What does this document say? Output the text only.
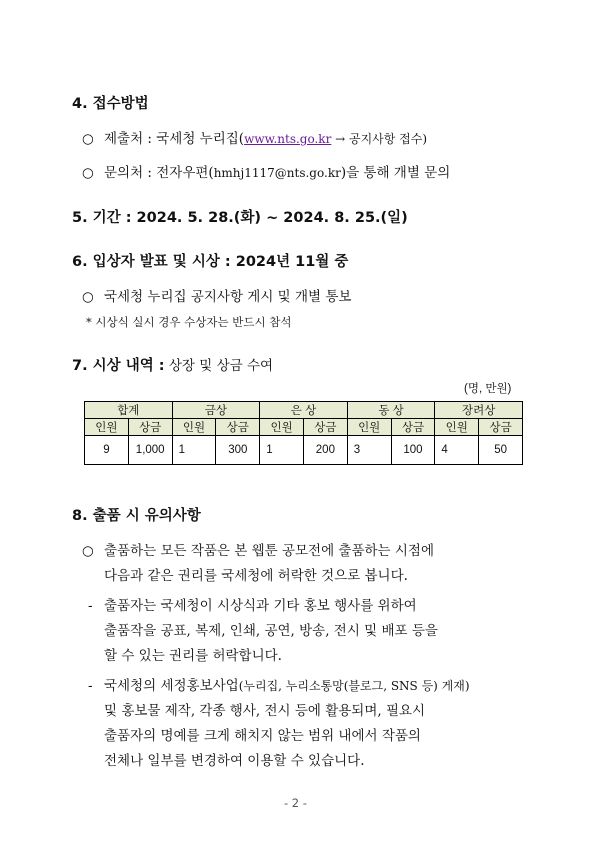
4. 접수방법
○ 제출처 : 국세청 누리집(www.nts.go.kr → 공지사항 접수)
○ 문의처 : 전자우편(hmhj1117@nts.go.kr)을 통해 개별 문의
5. 기간 : 2024. 5. 28.(화) ~ 2024. 8. 25.(일)
6. 입상자 발표 및 시상 : 2024년 11월 중
○ 국세청 누리집 공지사항 게시 및 개별 통보
* 시상식 실시 경우 수상자는 반드시 참석
7. 시상 내역 : 상장 및 상금 수여
(명, 만원)
합계		금상		은 상		동 상		장려상	
인원	상금	인원	상금	인원	상금	인원	상금	인원	상금
9	1,000	1	300	1	200	3	100	4	50
8. 출품 시 유의사항
○ 출품하는 모든 작품은 본 웹툰 공모전에 출품하는 시점에
다음과 같은 권리를 국세청에 허락한 것으로 봅니다.
- 출품자는 국세청이 시상식과 기타 홍보 행사를 위하여
출품작을 공표, 복제, 인쇄, 공연, 방송, 전시 및 배포 등을
할 수 있는 권리를 허락합니다.
- 국세청의 세정홍보사업(누리집, 누리소통망(블로그, SNS 등) 게재)
및 홍보물 제작, 각종 행사, 전시 등에 활용되며, 필요시
출품자의 명예를 크게 해치지 않는 범위 내에서 작품의
전체나 일부를 변경하여 이용할 수 있습니다.
- 2 -
